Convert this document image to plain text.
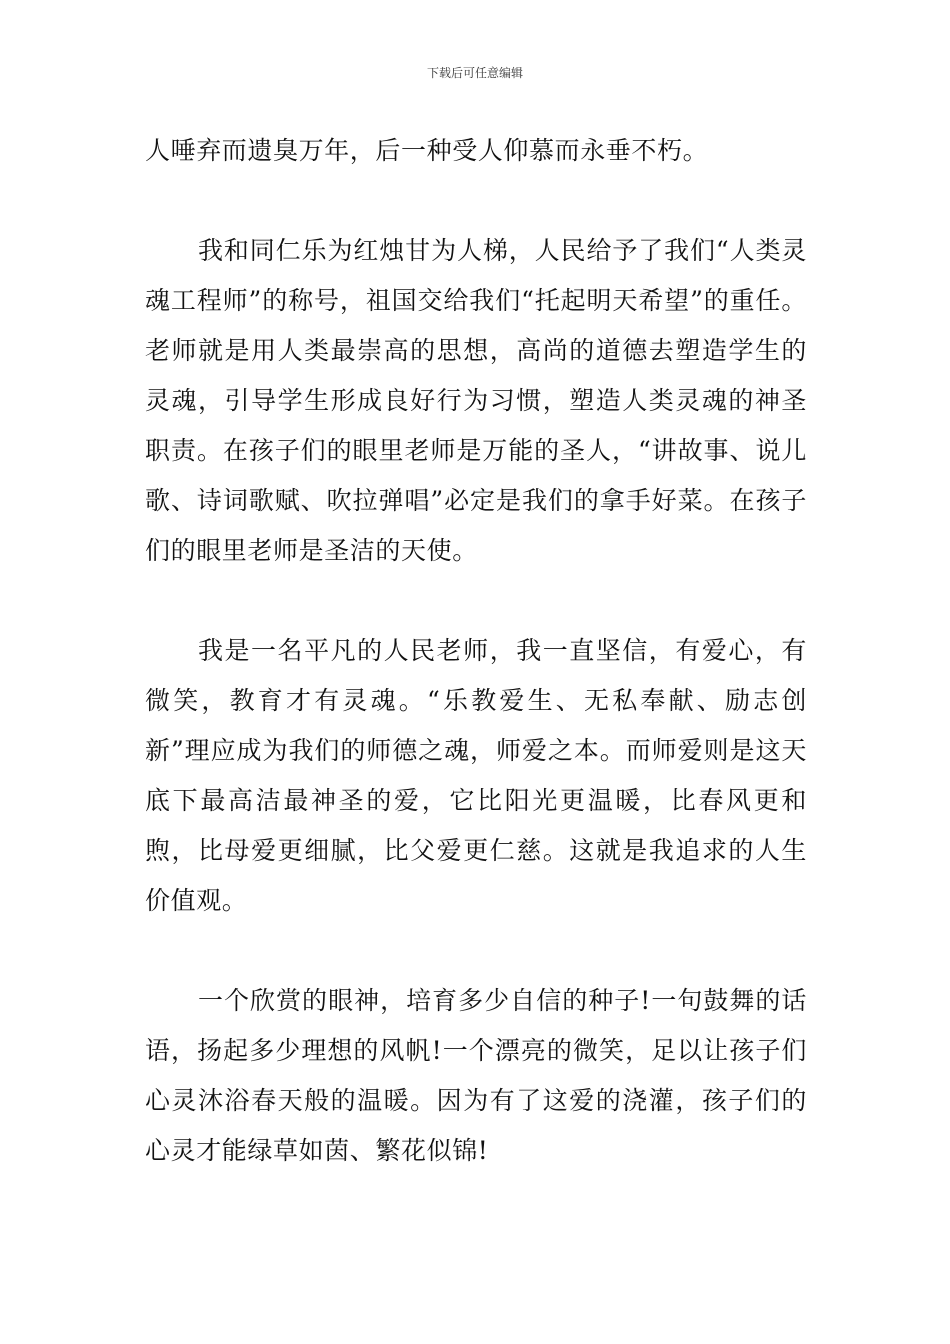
下载后可任意编辑

人唾弃而遗臭万年，后一种受人仰慕而永垂不朽。

我和同仁乐为红烛甘为人梯，人民给予了我们“人类灵魂工程师”的称号，祖国交给我们“托起明天希望”的重任。老师就是用人类最崇高的思想，高尚的道德去塑造学生的灵魂，引导学生形成良好行为习惯，塑造人类灵魂的神圣职责。在孩子们的眼里老师是万能的圣人，“讲故事、说儿歌、诗词歌赋、吹拉弹唱”必定是我们的拿手好菜。在孩子们的眼里老师是圣洁的天使。

我是一名平凡的人民老师，我一直坚信，有爱心，有微笑，教育才有灵魂。“乐教爱生、无私奉献、励志创新”理应成为我们的师德之魂，师爱之本。而师爱则是这天底下最高洁最神圣的爱，它比阳光更温暖，比春风更和煦，比母爱更细腻，比父爱更仁慈。这就是我追求的人生价值观。

一个欣赏的眼神，培育多少自信的种子!一句鼓舞的话语，扬起多少理想的风帆!一个漂亮的微笑，足以让孩子们心灵沐浴春天般的温暖。因为有了这爱的浇灌，孩子们的心灵才能绿草如茵、繁花似锦!
